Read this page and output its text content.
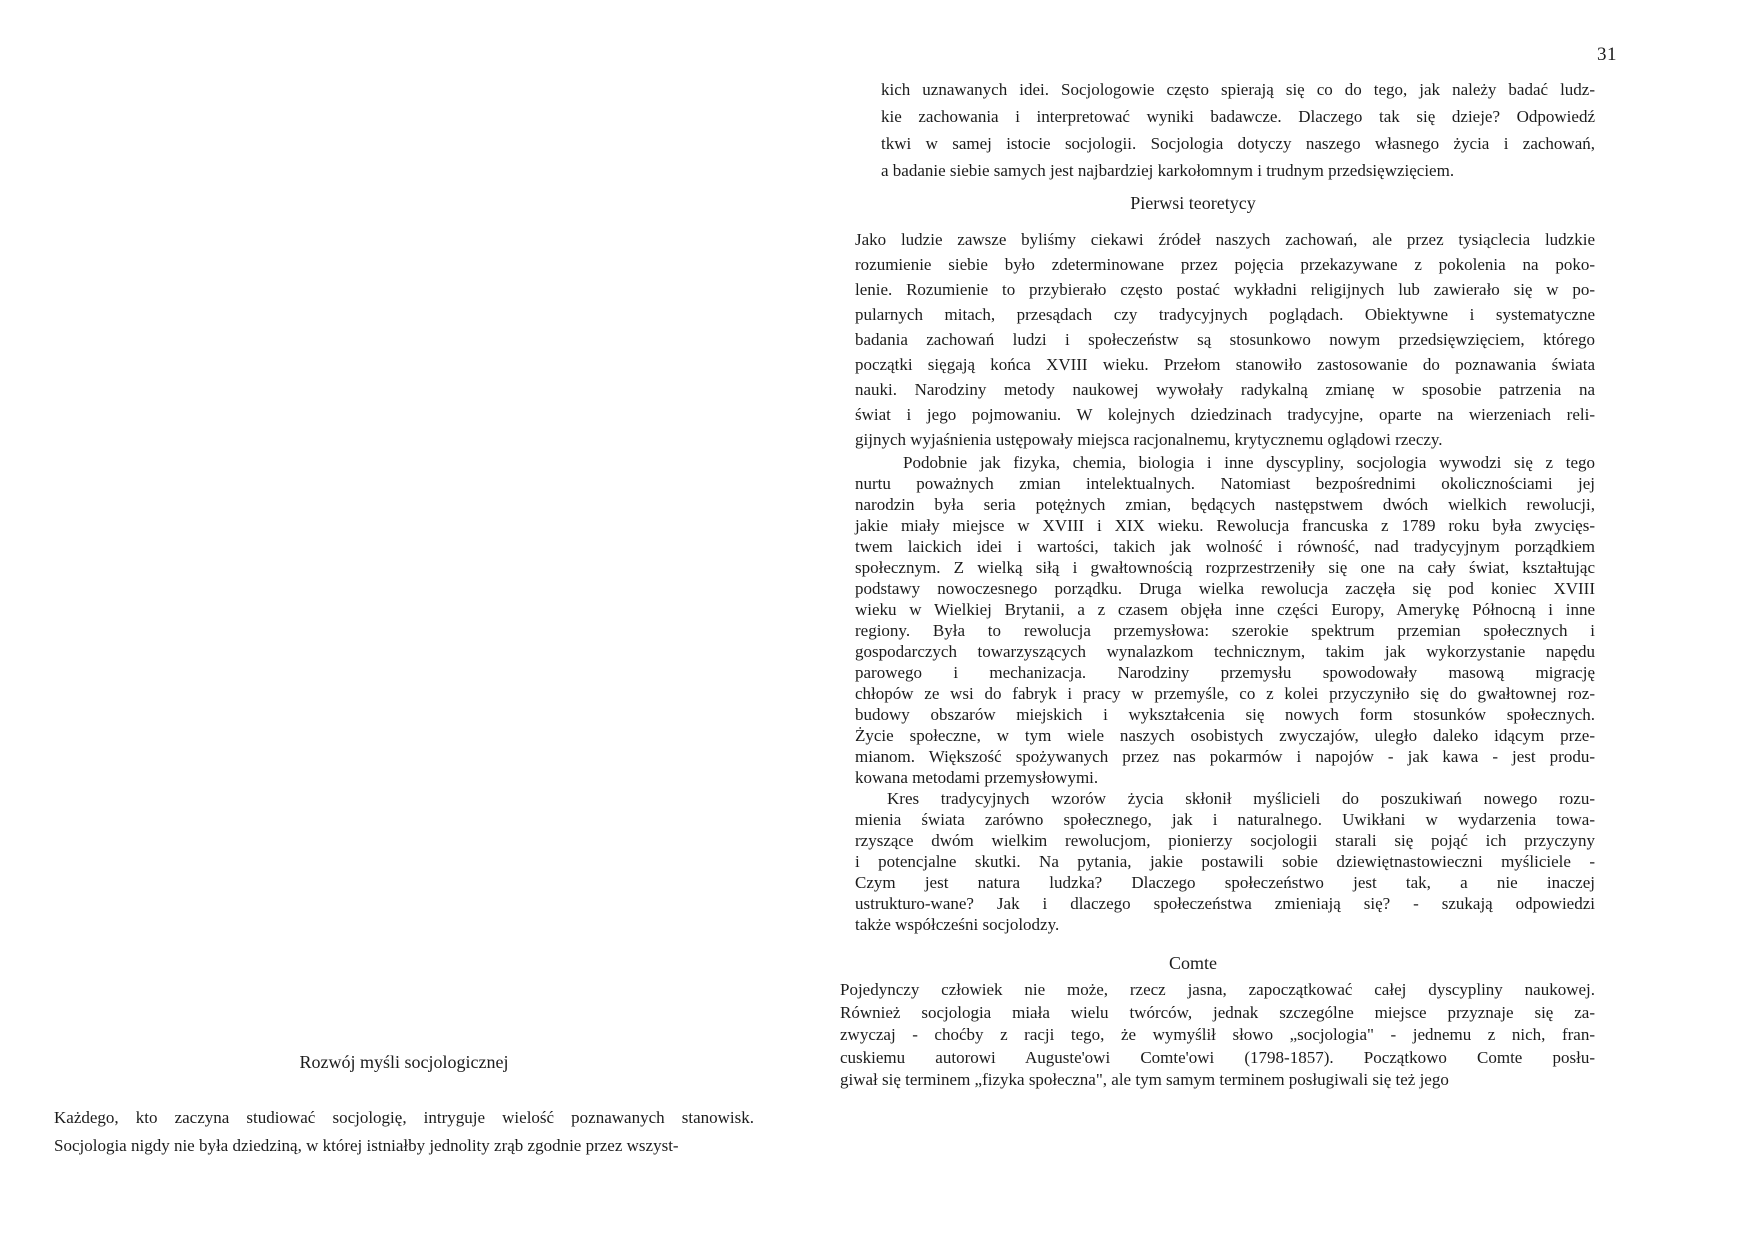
31
kich uznawanych idei. Socjologowie często spierają się co do tego, jak należy badać ludz-
kie zachowania i interpretować wyniki badawcze. Dlaczego tak się dzieje? Odpowiedź
tkwi w samej istocie socjologii. Socjologia dotyczy naszego własnego życia i zachowań,
a badanie siebie samych jest najbardziej karkołomnym i trudnym przedsięwzięciem.
Pierwsi teoretycy
Jako ludzie zawsze byliśmy ciekawi źródeł naszych zachowań, ale przez tysiąclecia ludzkie
rozumienie siebie było zdeterminowane przez pojęcia przekazywane z pokolenia na poko-
lenie. Rozumienie to przybierało często postać wykładni religijnych lub zawierało się w po-
pularnych mitach, przesądach czy tradycyjnych poglądach. Obiektywne i systematyczne
badania zachowań ludzi i społeczeństw są stosunkowo nowym przedsięwzięciem, którego
początki sięgają końca XVIII wieku. Przełom stanowiło zastosowanie do poznawania świata
nauki. Narodziny metody naukowej wywołały radykalną zmianę w sposobie patrzenia na
świat i jego pojmowaniu. W kolejnych dziedzinach tradycyjne, oparte na wierzeniach reli-
gijnych wyjaśnienia ustępowały miejsca racjonalnemu, krytycznemu oglądowi rzeczy.
Podobnie jak fizyka, chemia, biologia i inne dyscypliny, socjologia wywodzi się z tego
nurtu poważnych zmian intelektualnych. Natomiast bezpośrednimi okolicznościami jej
narodzin była seria potężnych zmian, będących następstwem dwóch wielkich rewolucji,
jakie miały miejsce w XVIII i XIX wieku. Rewolucja francuska z 1789 roku była zwycięs-
twem laickich idei i wartości, takich jak wolność i równość, nad tradycyjnym porządkiem
społecznym. Z wielką siłą i gwałtownością rozprzestrzeniły się one na cały świat, kształtując
podstawy nowoczesnego porządku. Druga wielka rewolucja zaczęła się pod koniec XVIII
wieku w Wielkiej Brytanii, a z czasem objęła inne części Europy, Amerykę Północną i inne
regiony. Była to rewolucja przemysłowa: szerokie spektrum przemian społecznych i
gospodarczych towarzyszących wynalazkom technicznym, takim jak wykorzystanie napędu
parowego i mechanizacja. Narodziny przemysłu spowodowały masową migrację
chłopów ze wsi do fabryk i pracy w przemyśle, co z kolei przyczyniło się do gwałtownej roz-
budowy obszarów miejskich i wykształcenia się nowych form stosunków społecznych.
Życie społeczne, w tym wiele naszych osobistych zwyczajów, uległo daleko idącym prze-
mianom. Większość spożywanych przez nas pokarmów i napojów - jak kawa - jest produ-
kowana metodami przemysłowymi.
Kres tradycyjnych wzorów życia skłonił myślicieli do poszukiwań nowego rozu-
mienia świata zarówno społecznego, jak i naturalnego. Uwikłani w wydarzenia towa-
rzyszące dwóm wielkim rewolucjom, pionierzy socjologii starali się pojąć ich przyczyny
i potencjalne skutki. Na pytania, jakie postawili sobie dziewiętnastowieczni myśliciele -
Czym jest natura ludzka? Dlaczego społeczeństwo jest tak, a nie inaczej
ustrukturo-wane? Jak i dlaczego społeczeństwa zmieniają się? - szukają odpowiedzi
także współcześni socjolodzy.
Comte
Pojedynczy człowiek nie może, rzecz jasna, zapoczątkować całej dyscypliny naukowej.
Również socjologia miała wielu twórców, jednak szczególne miejsce przyznaje się za-
zwyczaj - choćby z racji tego, że wymyślił słowo „socjologia" - jednemu z nich, fran-
cuskiemu autorowi Auguste'owi Comte'owi (1798-1857). Początkowo Comte posłu-
giwał się terminem „fizyka społeczna", ale tym samym terminem posługiwali się też jego
Rozwój myśli socjologicznej
Każdego, kto zaczyna studiować socjologię, intryguje wielość poznawanych stanowisk.
Socjologia nigdy nie była dziedziną, w której istniałby jednolity zrąb zgodnie przez wszyst-
